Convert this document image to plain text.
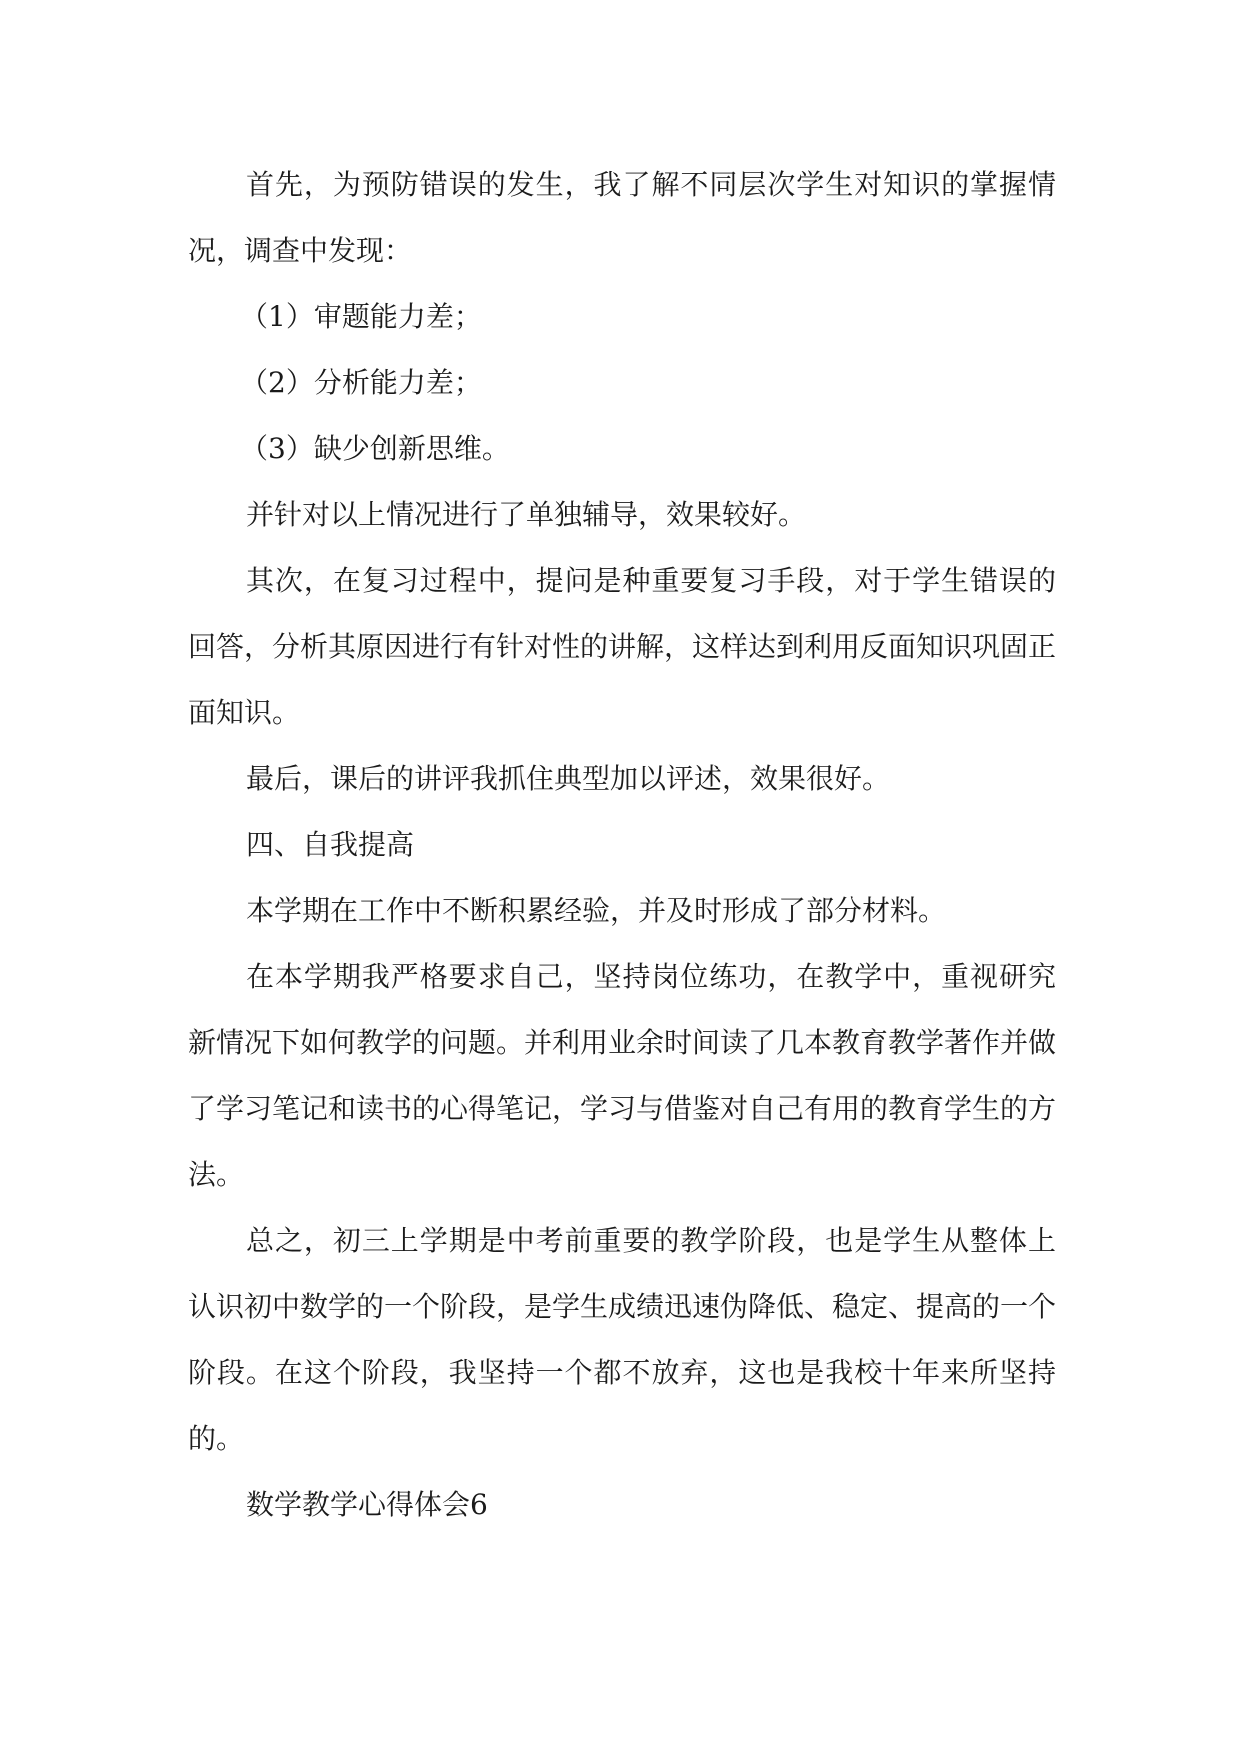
首先，为预防错误的发生，我了解不同层次学生对知识的掌握情况，调查中发现：

（1）审题能力差；

（2）分析能力差；

（3）缺少创新思维。

并针对以上情况进行了单独辅导，效果较好。

其次，在复习过程中，提问是种重要复习手段，对于学生错误的回答，分析其原因进行有针对性的讲解，这样达到利用反面知识巩固正面知识。

最后，课后的讲评我抓住典型加以评述，效果很好。

四、自我提高

本学期在工作中不断积累经验，并及时形成了部分材料。

在本学期我严格要求自己，坚持岗位练功，在教学中，重视研究新情况下如何教学的问题。并利用业余时间读了几本教育教学著作并做了学习笔记和读书的心得笔记，学习与借鉴对自己有用的教育学生的方法。

总之，初三上学期是中考前重要的教学阶段，也是学生从整体上认识初中数学的一个阶段，是学生成绩迅速伪降低、稳定、提高的一个阶段。在这个阶段，我坚持一个都不放弃，这也是我校十年来所坚持的。

数学教学心得体会6
